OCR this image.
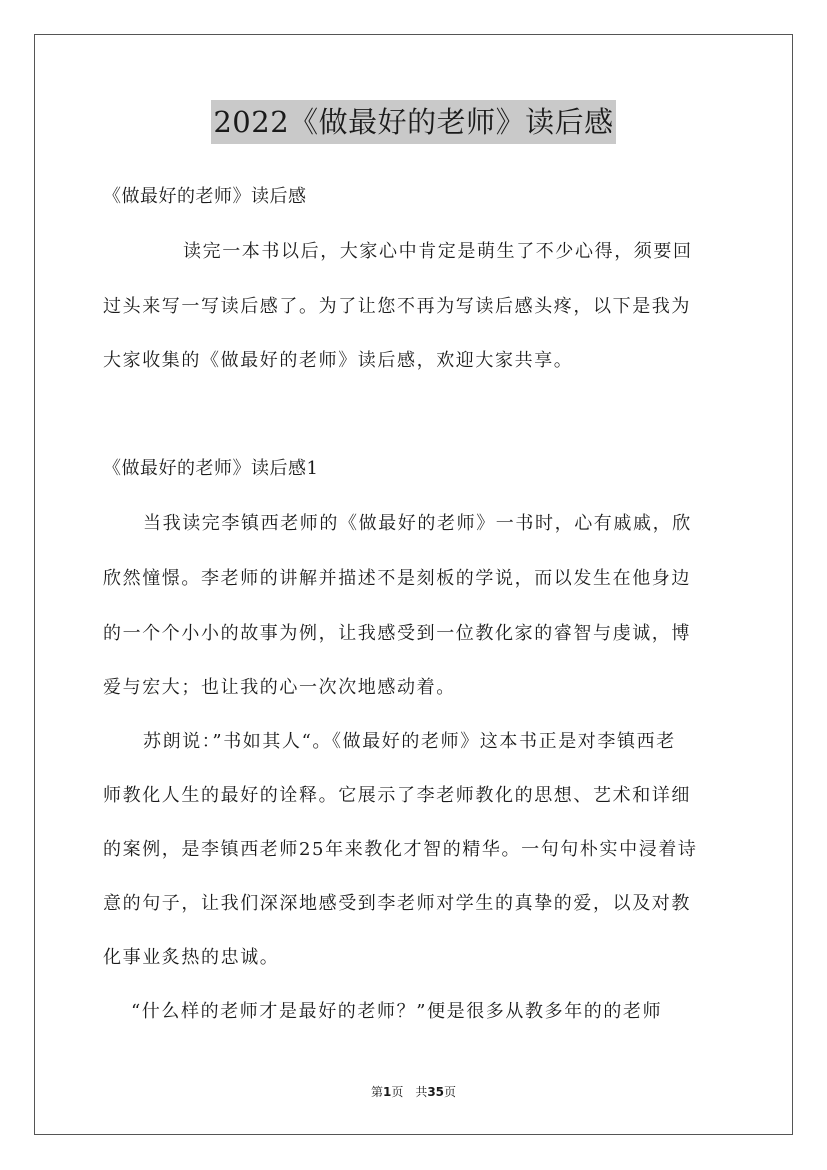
2022《做最好的老师》读后感
《做最好的老师》读后感
读完一本书以后，大家心中肯定是萌生了不少心得，须要回
过头来写一写读后感了。为了让您不再为写读后感头疼，以下是我为
大家收集的《做最好的老师》读后感，欢迎大家共享。
《做最好的老师》读后感1
当我读完李镇西老师的《做最好的老师》一书时，心有戚戚，欣
欣然憧憬。李老师的讲解并描述不是刻板的学说，而以发生在他身边
的一个个小小的故事为例，让我感受到一位教化家的睿智与虔诚，博
爱与宏大；也让我的心一次次地感动着。
苏朗说：”书如其人“。《做最好的老师》这本书正是对李镇西老
师教化人生的最好的诠释。它展示了李老师教化的思想、艺术和详细
的案例，是李镇西老师25年来教化才智的精华。一句句朴实中浸着诗
意的句子，让我们深深地感受到李老师对学生的真挚的爱，以及对教
化事业炙热的忠诚。
“什么样的老师才是最好的老师？”便是很多从教多年的的老师
第1页　共35页
